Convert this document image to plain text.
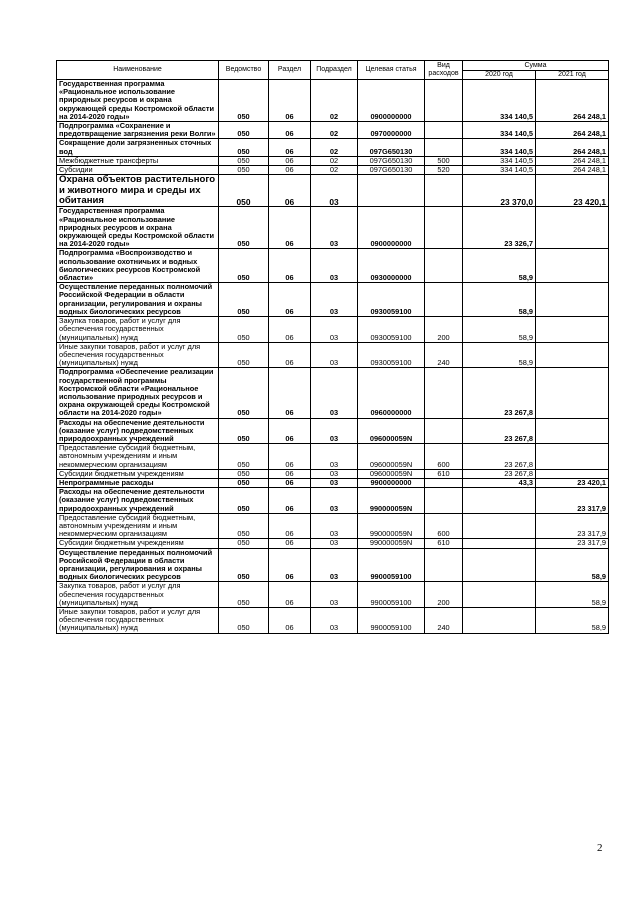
Наименование	Ведомство	Раздел	Подраздел	Целевая статья	Вид расходов	Сумма	
						2020 год	2021 год
Государственная программа «Рациональное использование природных ресурсов и охрана окружающей среды Костромской области на 2014-2020 годы»	050	06	02	0900000000		334 140,5	264 248,1
Подпрограмма «Сохранение и предотвращение загрязнения реки Волги»	050	06	02	0970000000		334 140,5	264 248,1
Сокращение доли загрязненных сточных вод	050	06	02	097G650130		334 140,5	264 248,1
Межбюджетные трансферты	050	06	02	097G650130	500	334 140,5	264 248,1
Субсидии	050	06	02	097G650130	520	334 140,5	264 248,1
Охрана объектов растительного и животного мира и среды их обитания	050	06	03			23 370,0	23 420,1
Государственная программа «Рациональное использование природных ресурсов и охрана окружающей среды Костромской области на 2014-2020 годы»	050	06	03	0900000000		23 326,7	
Подпрограмма «Воспроизводство и использование охотничьих и водных биологических ресурсов Костромской области»	050	06	03	0930000000		58,9	
Осуществление переданных полномочий Российской Федерации в области организации, регулирования и охраны водных биологических ресурсов	050	06	03	0930059100		58,9	
Закупка товаров, работ и услуг для обеспечения государственных (муниципальных) нужд	050	06	03	0930059100	200	58,9	
Иные закупки товаров, работ и услуг для обеспечения государственных (муниципальных) нужд	050	06	03	0930059100	240	58,9	
Подпрограмма «Обеспечение реализации государственной программы Костромской области «Рациональное использование природных ресурсов и охрана окружающей среды Костромской области на 2014-2020 годы»	050	06	03	0960000000		23 267,8	
Расходы на обеспечение деятельности (оказание услуг) подведомственных природоохранных учреждений	050	06	03	096000059N		23 267,8	
Предоставление субсидий бюджетным, автономным учреждениям и иным некоммерческим организациям	050	06	03	096000059N	600	23 267,8	
Субсидии бюджетным учреждениям	050	06	03	096000059N	610	23 267,8	
Непрограммные расходы	050	06	03	9900000000		43,3	23 420,1
Расходы на обеспечение деятельности (оказание услуг) подведомственных природоохранных учреждений	050	06	03	990000059N			23 317,9
Предоставление субсидий бюджетным, автономным учреждениям и иным некоммерческим организациям	050	06	03	990000059N	600		23 317,9
Субсидии бюджетным учреждениям	050	06	03	990000059N	610		23 317,9
Осуществление переданных полномочий Российской Федерации в области организации, регулирования и охраны водных биологических ресурсов	050	06	03	9900059100			58,9
Закупка товаров, работ и услуг для обеспечения государственных (муниципальных) нужд	050	06	03	9900059100	200		58,9
Иные закупки товаров, работ и услуг для обеспечения государственных (муниципальных) нужд	050	06	03	9900059100	240		58,9
2
